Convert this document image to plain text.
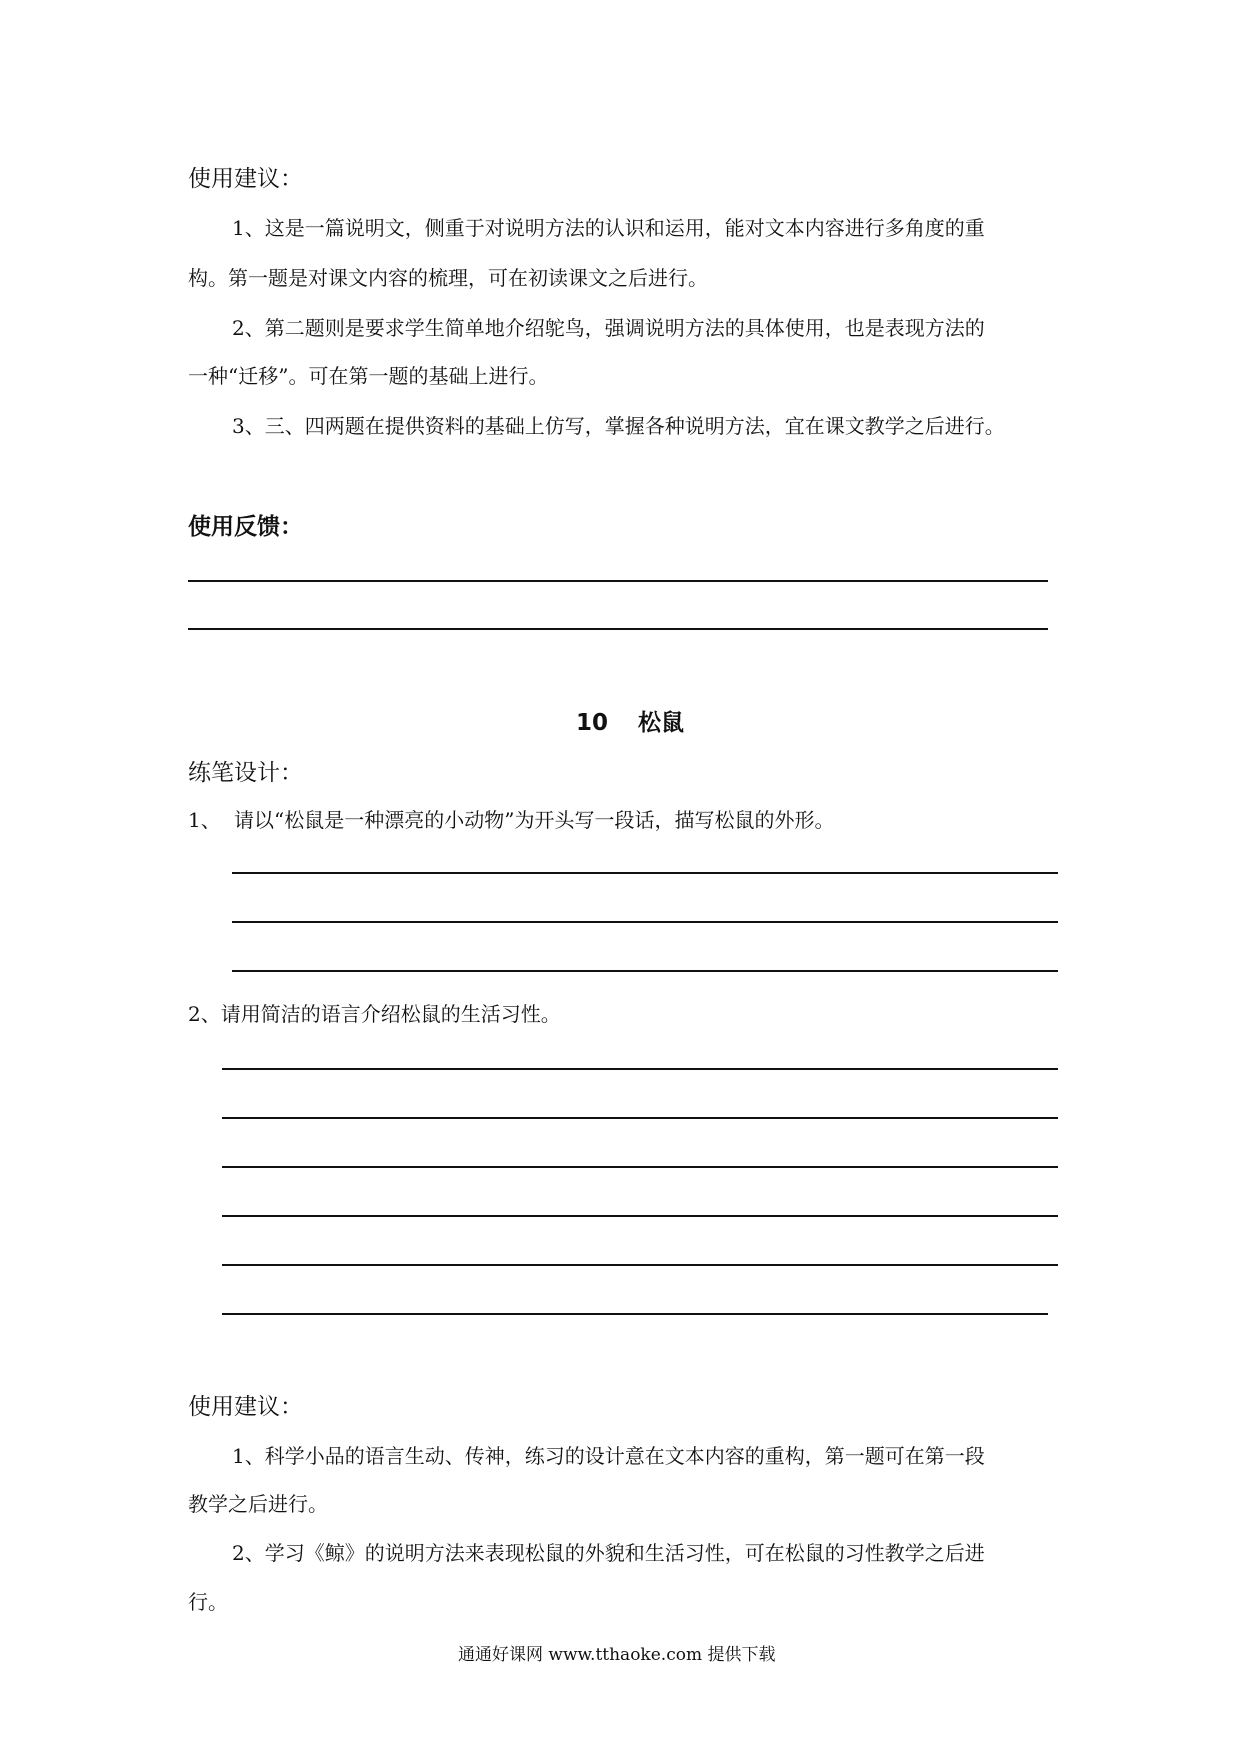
使用建议：
1、这是一篇说明文，侧重于对说明方法的认识和运用，能对文本内容进行多角度的重
构。第一题是对课文内容的梳理，可在初读课文之后进行。
2、第二题则是要求学生简单地介绍鸵鸟，强调说明方法的具体使用，也是表现方法的
一种“迁移”。可在第一题的基础上进行。
3、三、四两题在提供资料的基础上仿写，掌握各种说明方法，宜在课文教学之后进行。
使用反馈：
10 松鼠
练笔设计：
1、 请以“松鼠是一种漂亮的小动物”为开头写一段话，描写松鼠的外形。
2、请用简洁的语言介绍松鼠的生活习性。
使用建议：
1、科学小品的语言生动、传神，练习的设计意在文本内容的重构，第一题可在第一段
教学之后进行。
2、学习《鲸》的说明方法来表现松鼠的外貌和生活习性，可在松鼠的习性教学之后进
行。
通通好课网 www.tthaoke.com 提供下载
